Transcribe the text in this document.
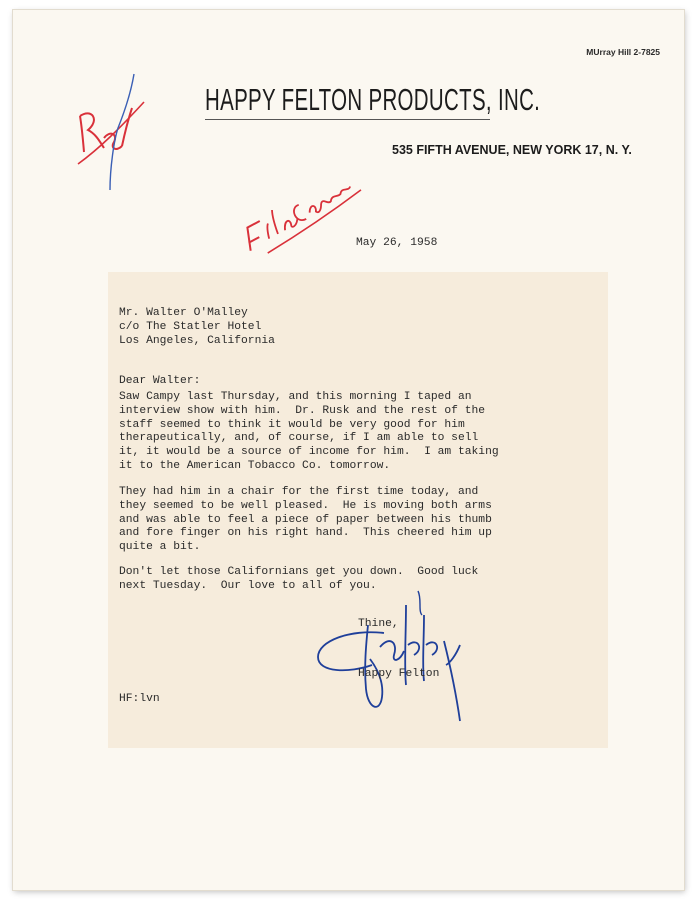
MUrray Hill 2-7825
HAPPY FELTON PRODUCTS, INC.
535 FIFTH AVENUE, NEW YORK 17, N. Y.
May 26, 1958
Mr. Walter O'Malley
c/o The Statler Hotel
Los Angeles, California
Dear Walter:
Saw Campy last Thursday, and this morning I taped an
interview show with him.  Dr. Rusk and the rest of the
staff seemed to think it would be very good for him
therapeutically, and, of course, if I am able to sell
it, it would be a source of income for him.  I am taking
it to the American Tobacco Co. tomorrow.
They had him in a chair for the first time today, and
they seemed to be well pleased.  He is moving both arms
and was able to feel a piece of paper between his thumb
and fore finger on his right hand.  This cheered him up
quite a bit.
Don't let those Californians get you down.  Good luck
next Tuesday.  Our love to all of you.
Thine,
Happy Felton
HF:lvn
